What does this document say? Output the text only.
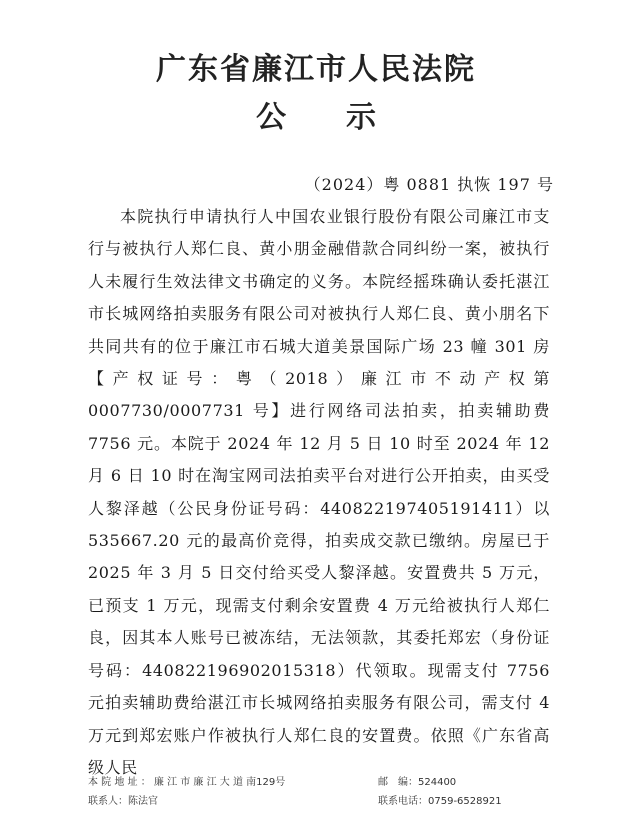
广东省廉江市人民法院
公示
（2024）粤 0881 执恢 197 号

本院执行申请执行人中国农业银行股份有限公司廉江市支行与被执行人郑仁良、黄小朋金融借款合同纠纷一案，被执行人未履行生效法律文书确定的义务。本院经摇珠确认委托湛江市长城网络拍卖服务有限公司对被执行人郑仁良、黄小朋名下共同共有的位于廉江市石城大道美景国际广场 23 幢 301 房【产权证号：粤（2018）廉江市不动产权第 0007730/0007731 号】进行网络司法拍卖，拍卖辅助费 7756 元。本院于 2024 年 12 月 5 日 10 时至 2024 年 12 月 6 日 10 时在淘宝网司法拍卖平台对进行公开拍卖，由买受人黎泽越（公民身份证号码：440822197405191411）以 535667.20 元的最高价竞得，拍卖成交款已缴纳。房屋已于 2025 年 3 月 5 日交付给买受人黎泽越。安置费共 5 万元，已预支 1 万元，现需支付剩余安置费 4 万元给被执行人郑仁良，因其本人账号已被冻结，无法领款，其委托郑宏（身份证号码：440822196902015318）代领取。现需支付 7756 元拍卖辅助费给湛江市长城网络拍卖服务有限公司，需支付 4 万元到郑宏账户作被执行人郑仁良的安置费。依照《广东省高级人民

本 院 地 址 ： 廉 江 市 廉 江 大 道 南129号	邮　编：524400
联系人：陈法官	联系电话：0759-6528921
